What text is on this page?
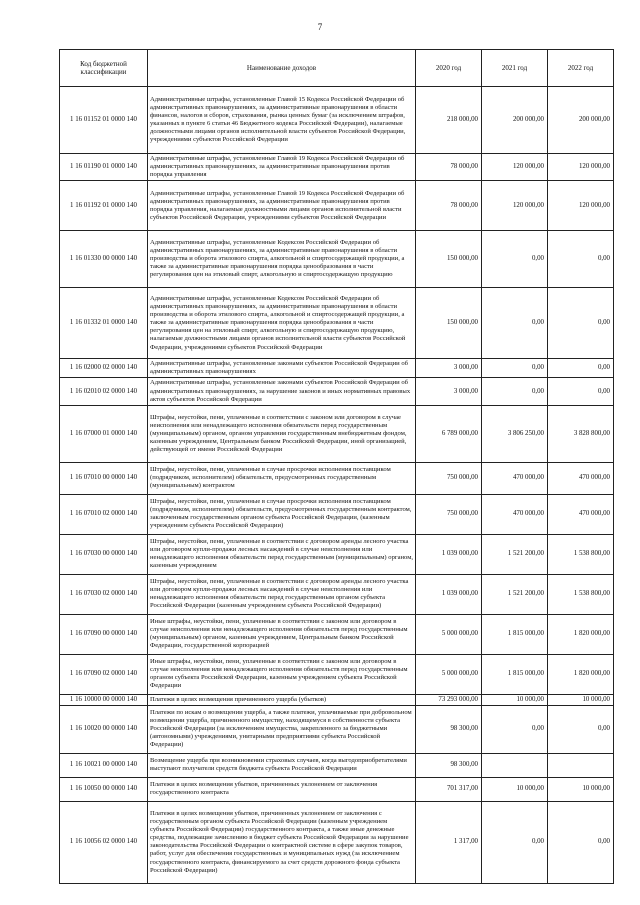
7
Код бюджетной классификации	Наименование доходов	2020 год	2021 год	2022 год
1 16 01152 01 0000 140	Административные штрафы, установленные Главой 15 Кодекса Российской Федерации об административных правонарушениях, за административные правонарушения в области финансов, налогов и сборов, страхования, рынка ценных бумаг (за исключением штрафов, указанных в пункте 6 статьи 46 Бюджетного кодекса Российской Федерации), налагаемые должностными лицами органов исполнительной власти субъектов Российской Федерации, учреждениями субъектов Российской Федерации	218 000,00	200 000,00	200 000,00
1 16 01190 01 0000 140	Административные штрафы, установленные Главой 19 Кодекса Российской Федерации об административных правонарушениях, за административные правонарушения против порядка управления	78 000,00	120 000,00	120 000,00
1 16 01192 01 0000 140	Административные штрафы, установленные Главой 19 Кодекса Российской Федерации об административных правонарушениях, за административные правонарушения против порядка управления, налагаемые должностными лицами органов исполнительной власти субъектов Российской Федерации, учреждениями субъектов Российской Федерации	78 000,00	120 000,00	120 000,00
1 16 01330 00 0000 140	Административные штрафы, установленные Кодексом Российской Федерации об административных правонарушениях, за административные правонарушения в области производства и оборота этилового спирта, алкогольной и спиртосодержащей продукции, а также за административные правонарушения порядка ценообразования в части регулирования цен на этиловый спирт, алкогольную и спиртосодержащую продукцию	150 000,00	0,00	0,00
1 16 01332 01 0000 140	Административные штрафы, установленные Кодексом Российской Федерации об административных правонарушениях, за административные правонарушения в области производства и оборота этилового спирта, алкогольной и спиртосодержащей продукции, а также за административные правонарушения порядка ценообразования в части регулирования цен на этиловый спирт, алкогольную и спиртосодержащую продукцию, налагаемые должностными лицами органов исполнительной власти субъектов Российской Федерации, учреждениями субъектов Российской Федерации	150 000,00	0,00	0,00
1 16 02000 02 0000 140	Административные штрафы, установленные законами субъектов Российской Федерации об административных правонарушениях	3 000,00	0,00	0,00
1 16 02010 02 0000 140	Административные штрафы, установленные законами субъектов Российской Федерации об административных правонарушениях, за нарушение законов и иных нормативных правовых актов субъектов Российской Федерации	3 000,00	0,00	0,00
1 16 07000 01 0000 140	Штрафы, неустойки, пени, уплаченные в соответствии с законом или договором в случае неисполнения или ненадлежащего исполнения обязательств перед государственным (муниципальным) органом, органом управления государственным внебюджетным фондом, казенным учреждением, Центральным банком Российской Федерации, иной организацией, действующей от имени Российской Федерации	6 789 000,00	3 806 250,00	3 828 800,00
1 16 07010 00 0000 140	Штрафы, неустойки, пени, уплаченные в случае просрочки исполнения поставщиком (подрядчиком, исполнителем) обязательств, предусмотренных государственным (муниципальным) контрактом	750 000,00	470 000,00	470 000,00
1 16 07010 02 0000 140	Штрафы, неустойки, пени, уплаченные в случае просрочки исполнения поставщиком (подрядчиком, исполнителем) обязательств, предусмотренных государственным контрактом, заключенным государственным органом субъекта Российской Федерации, (казенным учреждением субъекта Российской Федерации)	750 000,00	470 000,00	470 000,00
1 16 07030 00 0000 140	Штрафы, неустойки, пени, уплаченные в соответствии с договором аренды лесного участка или договором купли-продажи лесных насаждений в случае неисполнения или ненадлежащего исполнения обязательств перед государственным (муниципальным) органом, казенным учреждением	1 039 000,00	1 521 200,00	1 538 800,00
1 16 07030 02 0000 140	Штрафы, неустойки, пени, уплаченные в соответствии с договором аренды лесного участка или договором купли-продажи лесных насаждений в случае неисполнения или ненадлежащего исполнения обязательств перед государственным органом субъекта Российской Федерации (казенным учреждением субъекта Российской Федерации)	1 039 000,00	1 521 200,00	1 538 800,00
1 16 07090 00 0000 140	Иные штрафы, неустойки, пени, уплаченные в соответствии с законом или договором в случае неисполнения или ненадлежащего исполнения обязательств перед государственным (муниципальным) органом, казенным учреждением, Центральным банком Российской Федерации, государственной корпорацией	5 000 000,00	1 815 000,00	1 820 000,00
1 16 07090 02 0000 140	Иные штрафы, неустойки, пени, уплаченные в соответствии с законом или договором в случае неисполнения или ненадлежащего исполнения обязательств перед государственным органом субъекта Российской Федерации, казенным учреждением субъекта Российской Федерации	5 000 000,00	1 815 000,00	1 820 000,00
1 16 10000 00 0000 140	Платежи в целях возмещения причиненного ущерба (убытков)	73 293 000,00	10 000,00	10 000,00
1 16 10020 00 0000 140	Платежи по искам о возмещении ущерба, а также платежи, уплачиваемые при добровольном возмещении ущерба, причиненного имуществу, находящемуся в собственности субъекта Российской Федерации (за исключением имущества, закрепленного за бюджетными (автономными) учреждениями, унитарными предприятиями субъекта Российской Федерации)	98 300,00	0,00	0,00
1 16 10021 00 0000 140	Возмещение ущерба при возникновении страховых случаев, когда выгодоприобретателями выступают получатели средств бюджета субъекта Российской Федерации	98 300,00		
1 16 10050 00 0000 140	Платежи в целях возмещения убытков, причиненных уклонением от заключения государственного контракта	701 317,00	10 000,00	10 000,00
1 16 10056 02 0000 140	Платежи в целях возмещения убытков, причиненных уклонением от заключения с государственным органом субъекта Российской Федерации (казенным учреждением субъекта Российской Федерации) государственного контракта, а также иные денежные средства, подлежащие зачислению в бюджет субъекта Российской Федерации за нарушение законодательства Российской Федерации о контрактной системе в сфере закупок товаров, работ, услуг для обеспечения государственных и муниципальных нужд (за исключением государственного контракта, финансируемого за счет средств дорожного фонда субъекта Российской Федерации)	1 317,00	0,00	0,00
